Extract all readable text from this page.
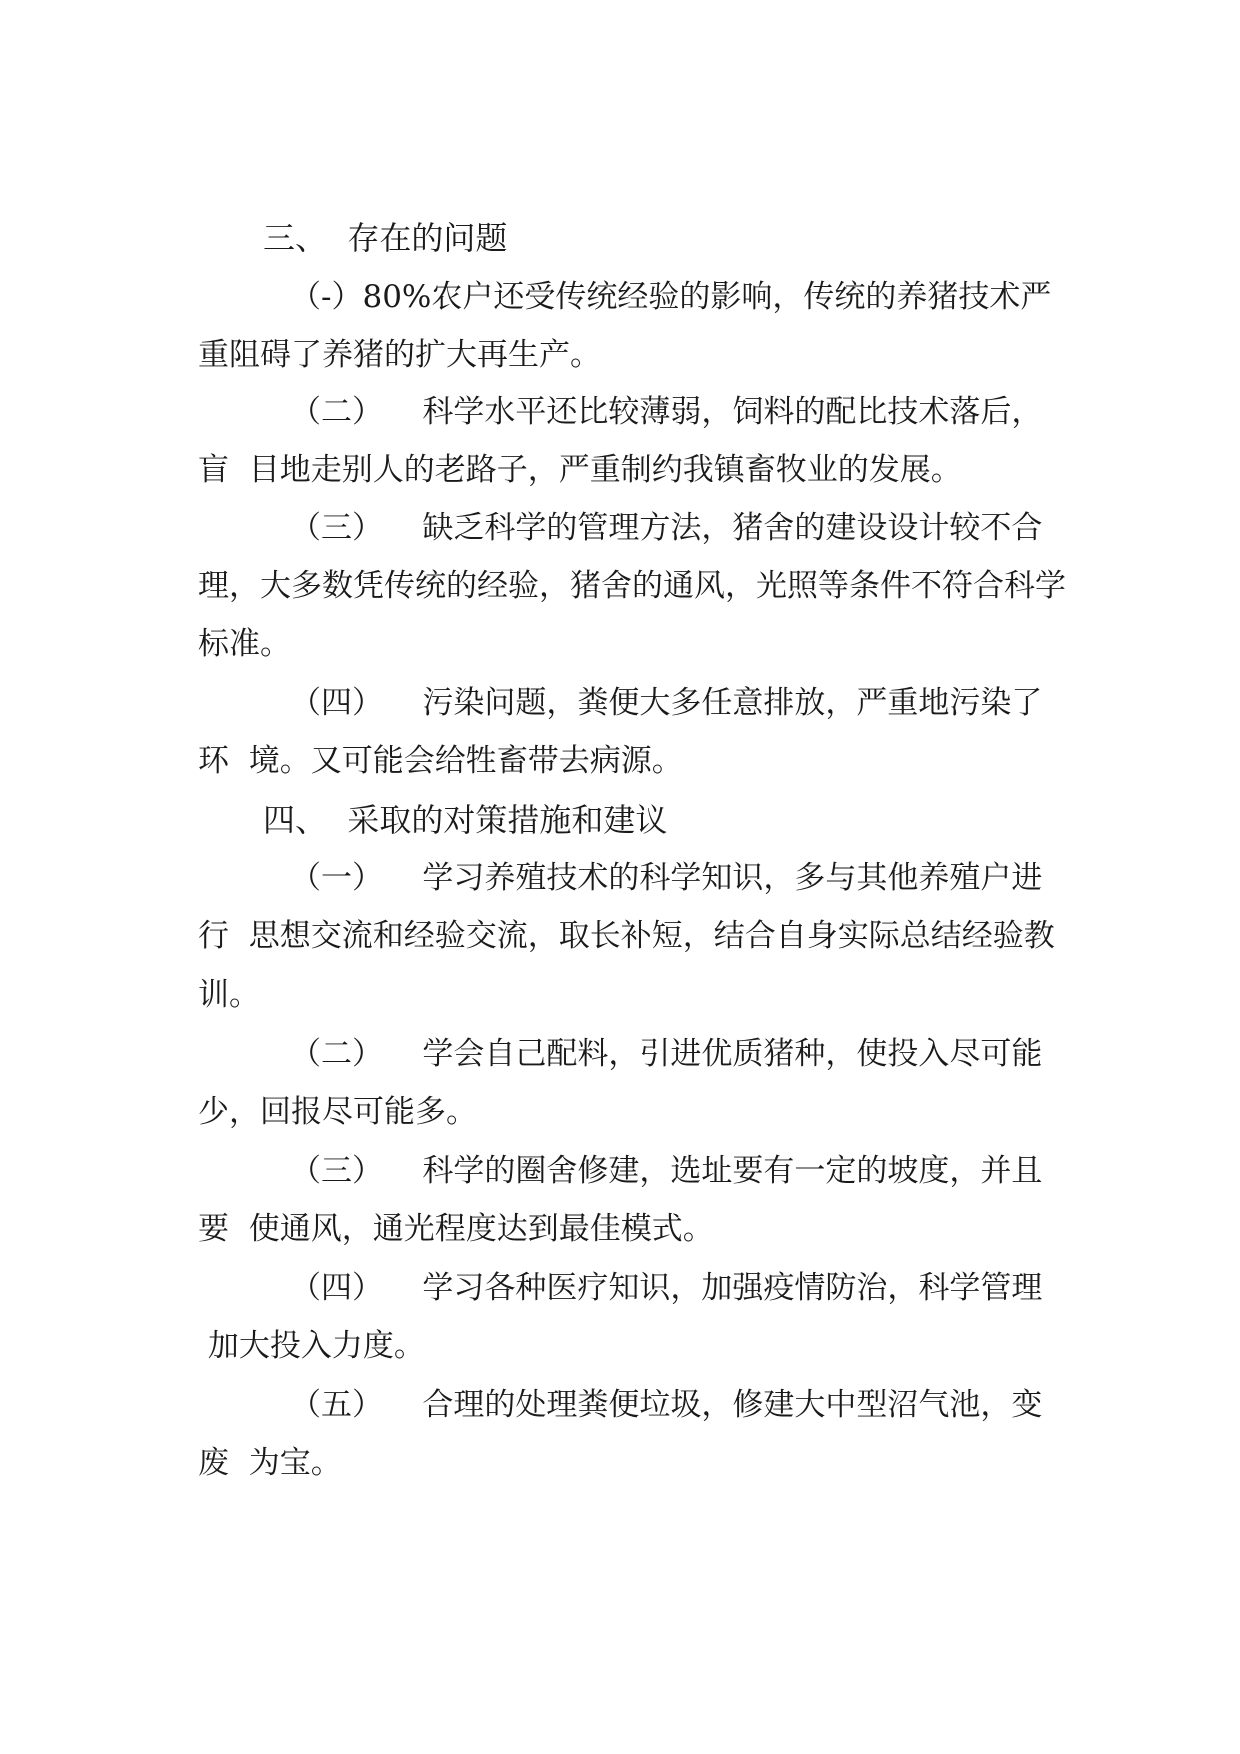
三、  存在的问题
（-）80%农户还受传统经验的影响，传统的养猪技术严
重阻碍了养猪的扩大再生产。
（二）    科学水平还比较薄弱，饲料的配比技术落后，
盲  目地走别人的老路子，严重制约我镇畜牧业的发展。
（三）    缺乏科学的管理方法，猪舍的建设设计较不合
理，大多数凭传统的经验，猪舍的通风，光照等条件不符合科学
标准。
（四）    污染问题，粪便大多任意排放，严重地污染了
环  境。又可能会给牲畜带去病源。
四、  采取的对策措施和建议
（一）    学习养殖技术的科学知识，多与其他养殖户进
行  思想交流和经验交流，取长补短，结合自身实际总结经验教
训。
（二）    学会自己配料，引进优质猪种，使投入尽可能
少，回报尽可能多。
（三）    科学的圈舍修建，选址要有一定的坡度，并且
要  使通风，通光程度达到最佳模式。
（四）    学习各种医疗知识，加强疫情防治，科学管理
加大投入力度。
（五）    合理的处理粪便垃圾，修建大中型沼气池，变
废  为宝。
